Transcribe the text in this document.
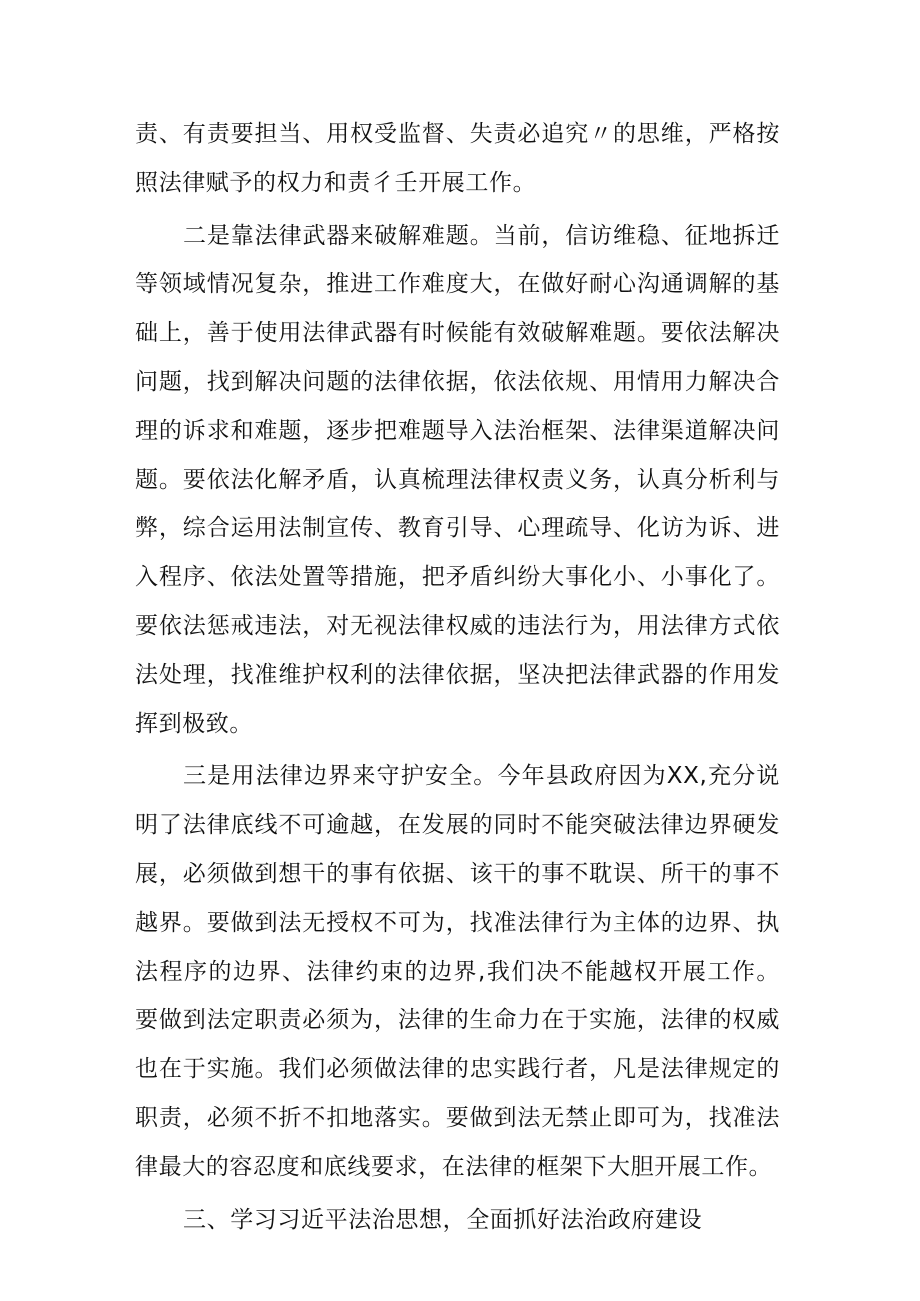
责、有责要担当、用权受监督、失责必追究〃的思维，严格按照法律赋予的权力和责彳壬开展工作。

二是靠法律武器来破解难题。当前，信访维稳、征地拆迁等领域情况复杂，推进工作难度大，在做好耐心沟通调解的基础上，善于使用法律武器有时候能有效破解难题。要依法解决问题，找到解决问题的法律依据，依法依规、用情用力解决合理的诉求和难题，逐步把难题导入法治框架、法律渠道解决问题。要依法化解矛盾，认真梳理法律权责义务，认真分析利与弊，综合运用法制宣传、教育引导、心理疏导、化访为诉、进入程序、依法处置等措施，把矛盾纠纷大事化小、小事化了。要依法惩戒违法，对无视法律权威的违法行为，用法律方式依法处理，找准维护权利的法律依据，坚决把法律武器的作用发挥到极致。

三是用法律边界来守护安全。今年县政府因为XX,充分说明了法律底线不可逾越，在发展的同时不能突破法律边界硬发展，必须做到想干的事有依据、该干的事不耽误、所干的事不越界。要做到法无授权不可为，找准法律行为主体的边界、执法程序的边界、法律约束的边界,我们决不能越权开展工作。要做到法定职责必须为，法律的生命力在于实施，法律的权威也在于实施。我们必须做法律的忠实践行者，凡是法律规定的职责，必须不折不扣地落实。要做到法无禁止即可为，找准法律最大的容忍度和底线要求，在法律的框架下大胆开展工作。

三、学习习近平法治思想，全面抓好法治政府建设
